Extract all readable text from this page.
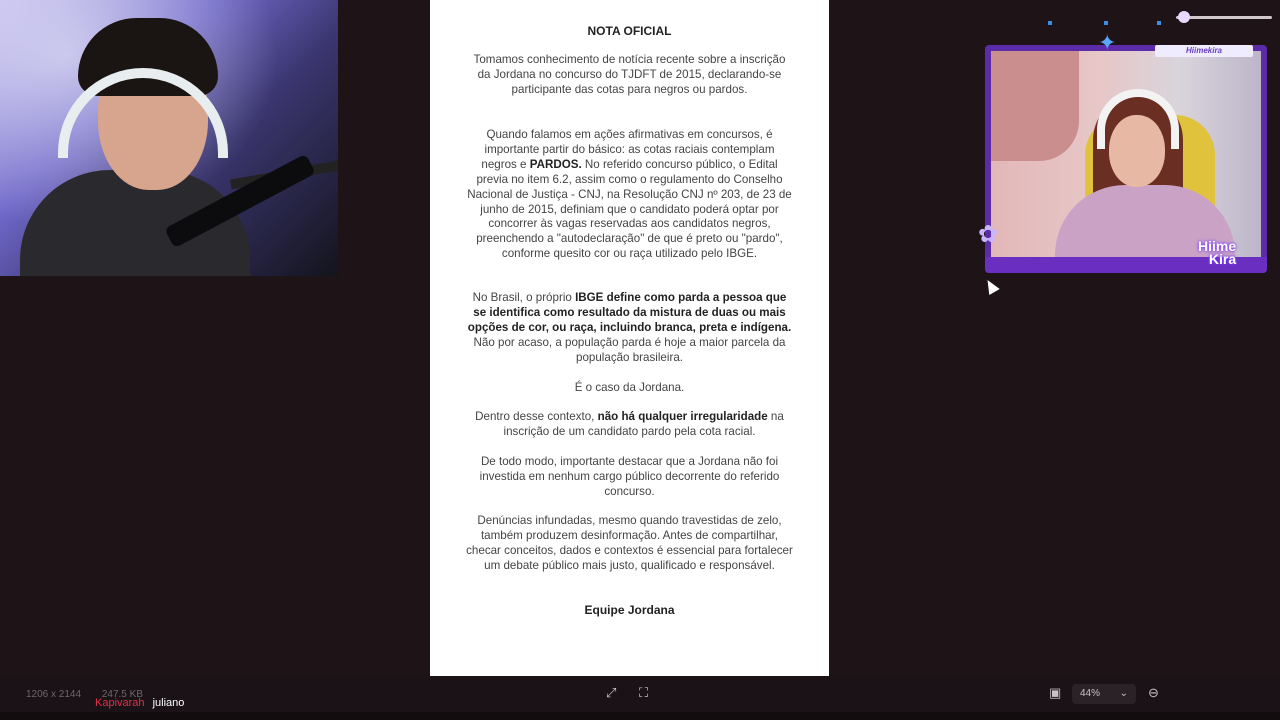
NOTA OFICIAL
Tomamos conhecimento de notícia recente sobre a inscrição da Jordana no concurso do TJDFT de 2015, declarando-se participante das cotas para negros ou pardos.
Quando falamos em ações afirmativas em concursos, é importante partir do básico: as cotas raciais contemplam negros e PARDOS. No referido concurso público, o Edital previa no item 6.2, assim como o regulamento do Conselho Nacional de Justiça - CNJ, na Resolução CNJ nº 203, de 23 de junho de 2015, definiam que o candidato poderá optar por concorrer às vagas reservadas aos candidatos negros, preenchendo a "autodeclaração" de que é preto ou "pardo", conforme quesito cor ou raça utilizado pelo IBGE.
No Brasil, o próprio IBGE define como parda a pessoa que se identifica como resultado da mistura de duas ou mais opções de cor, ou raça, incluindo branca, preta e indígena. Não por acaso, a população parda é hoje a maior parcela da população brasileira.
É o caso da Jordana.
Dentro desse contexto, não há qualquer irregularidade na inscrição de um candidato pardo pela cota racial.
De todo modo, importante destacar que a Jordana não foi investida em nenhum cargo público decorrente do referido concurso.
Denúncias infundadas, mesmo quando travestidas de zelo, também produzem desinformação. Antes de compartilhar, checar conceitos, dados e contextos é essencial para fortalecer um debate público mais justo, qualificado e responsável.
Equipe Jordana
Hiimekira
✦
✿	Hiime
Kira
1206 x 2144 247.5 KB
Kapivarah juliano
⤢ ⛶	▣	44% ⌄ ⊖
